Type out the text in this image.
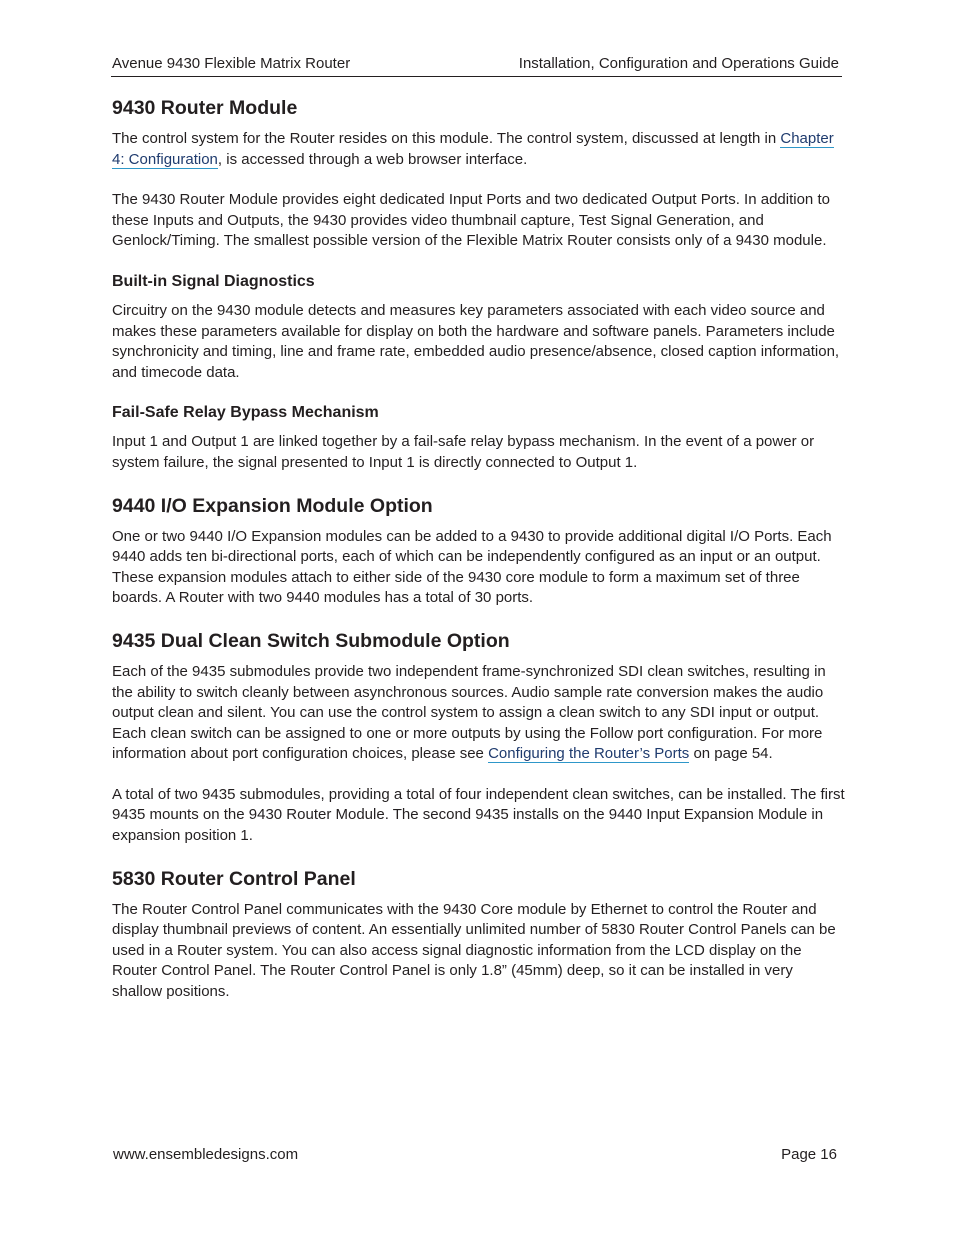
Avenue 9430 Flexible Matrix Router	Installation, Configuration and Operations Guide
9430 Router Module

The control system for the Router resides on this module. The control system, discussed at length in Chapter 4: Configuration, is accessed through a web browser interface.

The 9430 Router Module provides eight dedicated Input Ports and two dedicated Output Ports. In addition to these Inputs and Outputs, the 9430 provides video thumbnail capture, Test Signal Generation, and Genlock/Timing. The smallest possible version of the Flexible Matrix Router consists only of a 9430 module.

Built-in Signal Diagnostics

Circuitry on the 9430 module detects and measures key parameters associated with each video source and makes these parameters available for display on both the hardware and software panels. Parameters include synchronicity and timing, line and frame rate, embedded audio presence/absence, closed caption information, and timecode data.

Fail-Safe Relay Bypass Mechanism

Input 1 and Output 1 are linked together by a fail-safe relay bypass mechanism. In the event of a power or system failure, the signal presented to Input 1 is directly connected to Output 1.

9440 I/O Expansion Module Option

One or two 9440 I/O Expansion modules can be added to a 9430 to provide additional digital I/O Ports. Each 9440 adds ten bi-directional ports, each of which can be independently configured as an input or an output. These expansion modules attach to either side of the 9430 core module to form a maximum set of three boards. A Router with two 9440 modules has a total of 30 ports.

9435 Dual Clean Switch Submodule Option

Each of the 9435 submodules provide two independent frame-synchronized SDI clean switches, resulting in the ability to switch cleanly between asynchronous sources. Audio sample rate conversion makes the audio output clean and silent. You can use the control system to assign a clean switch to any SDI input or output. Each clean switch can be assigned to one or more outputs by using the Follow port configuration. For more information about port configuration choices, please see Configuring the Router’s Ports on page 54.

A total of two 9435 submodules, providing a total of four independent clean switches, can be installed. The first 9435 mounts on the 9430 Router Module. The second 9435 installs on the 9440 Input Expansion Module in expansion position 1.

5830 Router Control Panel

The Router Control Panel communicates with the 9430 Core module by Ethernet to control the Router and display thumbnail previews of content. An essentially unlimited number of 5830 Router Control Panels can be used in a Router system. You can also access signal diagnostic information from the LCD display on the Router Control Panel. The Router Control Panel is only 1.8” (45mm) deep, so it can be installed in very shallow positions.

www.ensembledesigns.com	Page 16
